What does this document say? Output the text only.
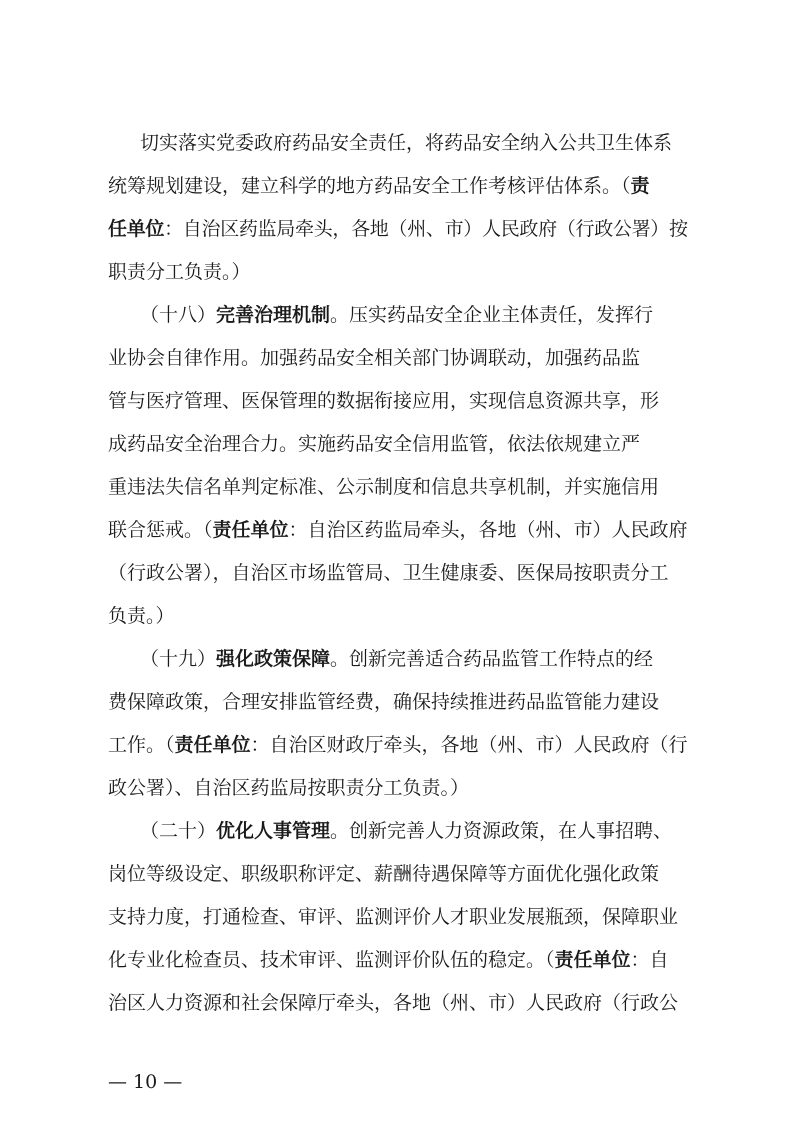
切实落实党委政府药品安全责任，将药品安全纳入公共卫生体系
统筹规划建设，建立科学的地方药品安全工作考核评估体系。（责
任单位：自治区药监局牵头，各地（州、市）人民政府（行政公署）按
职责分工负责。）
（十八）完善治理机制。压实药品安全企业主体责任，发挥行
业协会自律作用。加强药品安全相关部门协调联动，加强药品监
管与医疗管理、医保管理的数据衔接应用，实现信息资源共享，形
成药品安全治理合力。实施药品安全信用监管，依法依规建立严
重违法失信名单判定标准、公示制度和信息共享机制，并实施信用
联合惩戒。（责任单位：自治区药监局牵头，各地（州、市）人民政府
（行政公署），自治区市场监管局、卫生健康委、医保局按职责分工
负责。）
（十九）强化政策保障。创新完善适合药品监管工作特点的经
费保障政策，合理安排监管经费，确保持续推进药品监管能力建设
工作。（责任单位：自治区财政厅牵头，各地（州、市）人民政府（行
政公署）、自治区药监局按职责分工负责。）
（二十）优化人事管理。创新完善人力资源政策，在人事招聘、
岗位等级设定、职级职称评定、薪酬待遇保障等方面优化强化政策
支持力度，打通检查、审评、监测评价人才职业发展瓶颈，保障职业
化专业化检查员、技术审评、监测评价队伍的稳定。（责任单位：自
治区人力资源和社会保障厅牵头，各地（州、市）人民政府（行政公
— 10 —
